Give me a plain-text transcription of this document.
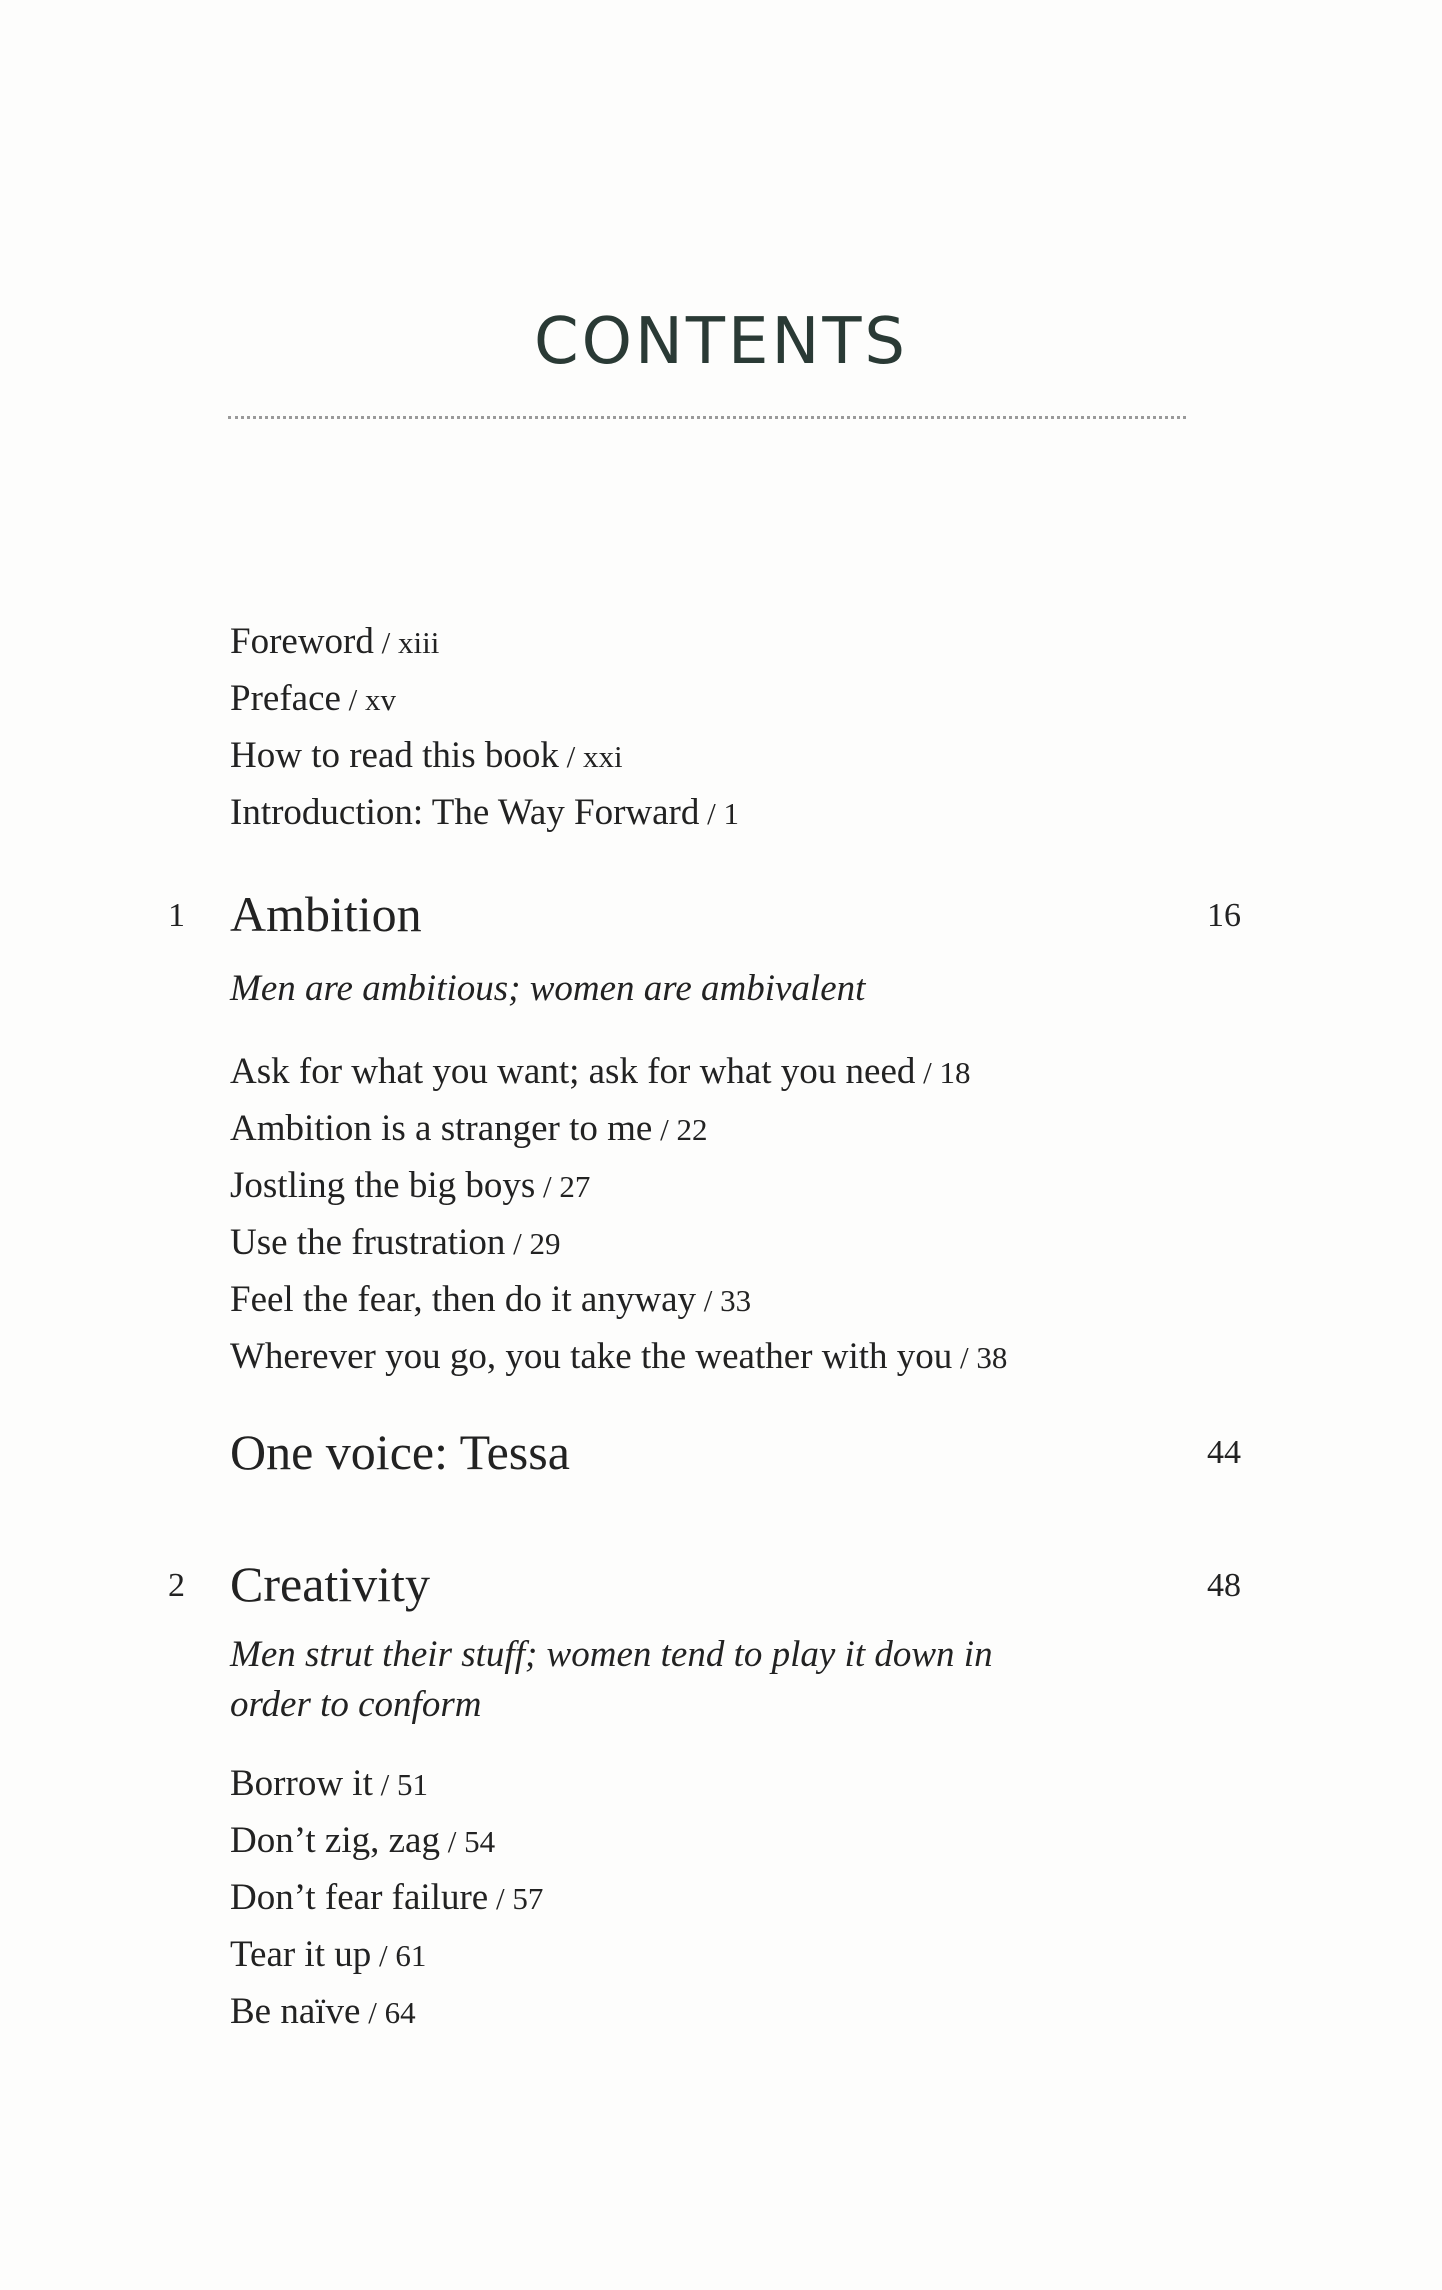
CONTENTS
Foreword / xiii
Preface / xv
How to read this book / xxi
Introduction: The Way Forward / 1
1 Ambition	16
Men are ambitious; women are ambivalent
Ask for what you want; ask for what you need / 18
Ambition is a stranger to me / 22
Jostling the big boys / 27
Use the frustration / 29
Feel the fear, then do it anyway / 33
Wherever you go, you take the weather with you / 38
One voice: Tessa	44
2 Creativity	48
Men strut their stuff; women tend to play it down in
order to conform
Borrow it / 51
Don’t zig, zag / 54
Don’t fear failure / 57
Tear it up / 61
Be naïve / 64
